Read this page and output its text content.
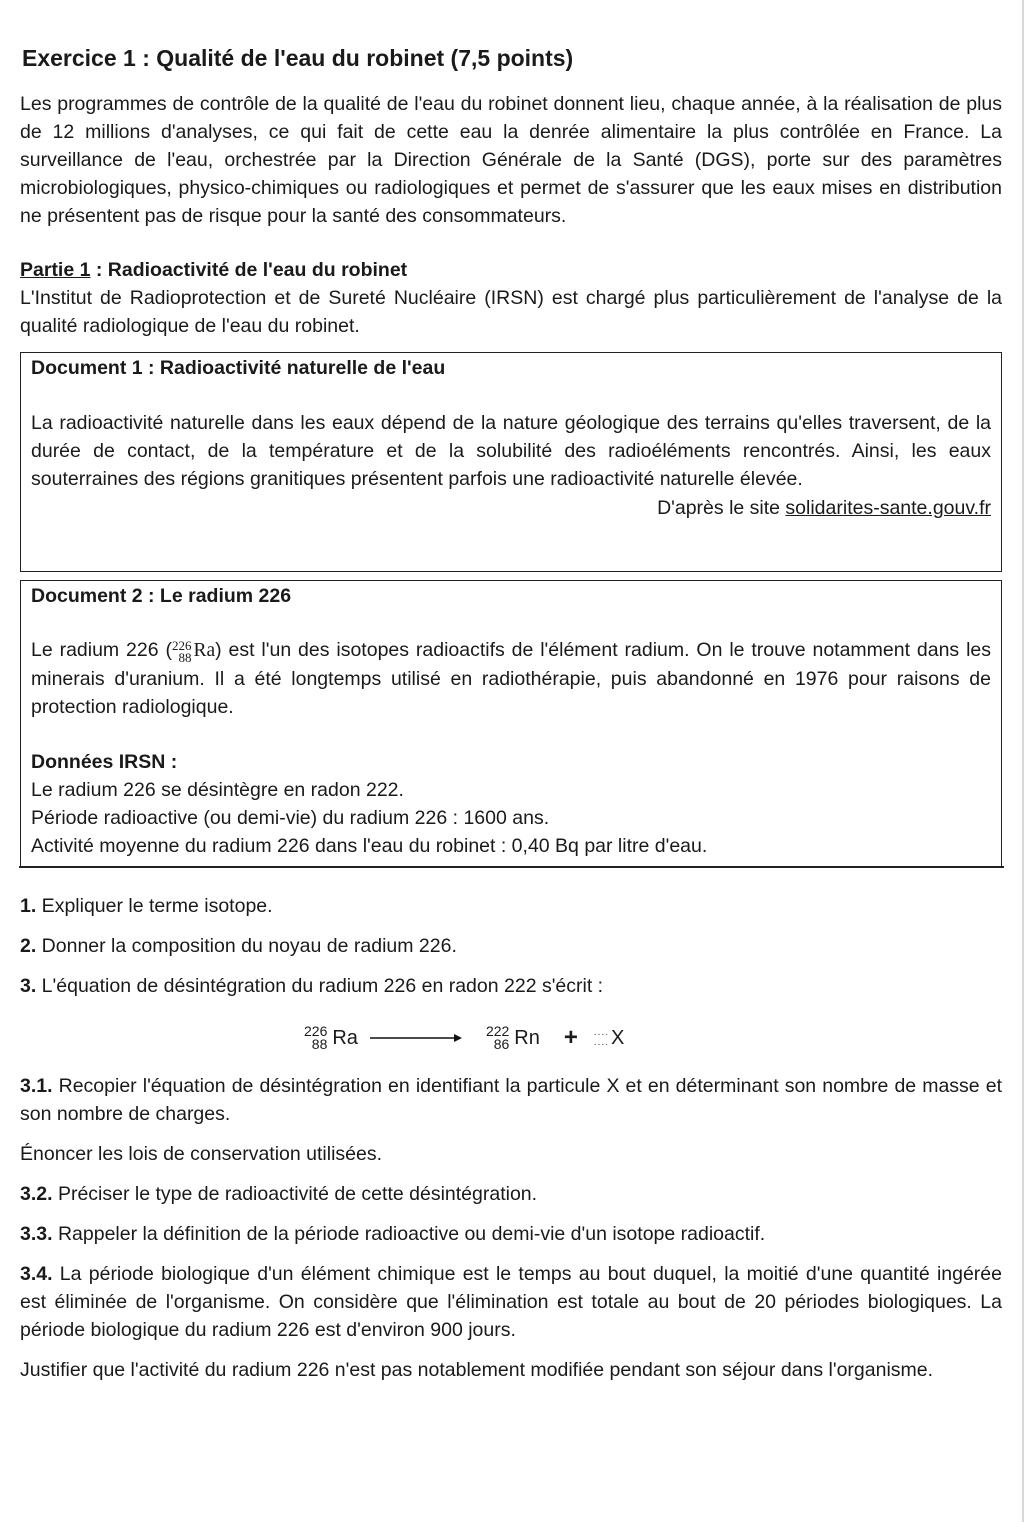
Exercice 1 : Qualité de l'eau du robinet (7,5 points)

Les programmes de contrôle de la qualité de l'eau du robinet donnent lieu, chaque année, à la réalisation de plus de 12 millions d'analyses, ce qui fait de cette eau la denrée alimentaire la plus contrôlée en France. La surveillance de l'eau, orchestrée par la Direction Générale de la Santé (DGS), porte sur des paramètres microbiologiques, physico-chimiques ou radiologiques et permet de s'assurer que les eaux mises en distribution ne présentent pas de risque pour la santé des consommateurs.

Partie 1 : Radioactivité de l'eau du robinet

L'Institut de Radioprotection et de Sureté Nucléaire (IRSN) est chargé plus particulièrement de l'analyse de la qualité radiologique de l'eau du robinet.

Document 1 : Radioactivité naturelle de l'eau

La radioactivité naturelle dans les eaux dépend de la nature géologique des terrains qu'elles traversent, de la durée de contact, de la température et de la solubilité des radioéléments rencontrés. Ainsi, les eaux souterraines des régions granitiques présentent parfois une radioactivité naturelle élevée.

D'après le site solidarites-sante.gouv.fr
Document 2 : Le radium 226

Le radium 226 ( 226
88 Ra) est l'un des isotopes radioactifs de l'élément radium. On le trouve notamment dans les minerais d'uranium. Il a été longtemps utilisé en radiothérapie, puis abandonné en 1976 pour raisons de protection radiologique.

Données IRSN :
Le radium 226 se désintègre en radon 222.
Période radioactive (ou demi-vie) du radium 226 : 1600 ans.
Activité moyenne du radium 226 dans l'eau du robinet : 0,40 Bq par litre d'eau.

1. Expliquer le terme isotope.

2. Donner la composition du noyau de radium 226.

3. L'équation de désintégration du radium 226 en radon 222 s'écrit :

226
88 Ra	222
86 Rn + ....
.... X

3.1. Recopier l'équation de désintégration en identifiant la particule X et en déterminant son nombre de masse et son nombre de charges.

Énoncer les lois de conservation utilisées.

3.2. Préciser le type de radioactivité de cette désintégration.

3.3. Rappeler la définition de la période radioactive ou demi-vie d'un isotope radioactif.

3.4. La période biologique d'un élément chimique est le temps au bout duquel, la moitié d'une quantité ingérée est éliminée de l'organisme. On considère que l'élimination est totale au bout de 20 périodes biologiques. La période biologique du radium 226 est d'environ 900 jours.

Justifier que l'activité du radium 226 n'est pas notablement modifiée pendant son séjour dans l'organisme.
